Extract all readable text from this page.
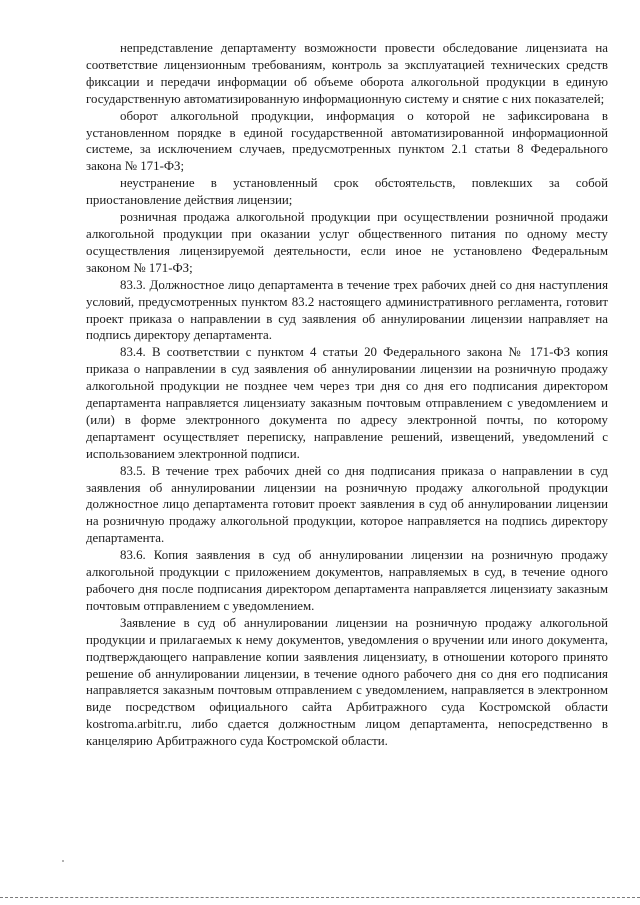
непредставление департаменту возможности провести обследование лицензиата на соответствие лицензионным требованиям, контроль за эксплуатацией технических средств фиксации и передачи информации об объеме оборота алкогольной продукции в единую государственную автоматизированную информационную систему и снятие с них показателей;

оборот алкогольной продукции, информация о которой не зафиксирована в установленном порядке в единой государственной автоматизированной информационной системе, за исключением случаев, предусмотренных пунктом 2.1 статьи 8 Федерального закона № 171-ФЗ;

неустранение в установленный срок обстоятельств, повлекших за собой приостановление действия лицензии;

розничная продажа алкогольной продукции при осуществлении розничной продажи алкогольной продукции при оказании услуг общественного питания по одному месту осуществления лицензируемой деятельности, если иное не установлено Федеральным законом № 171-ФЗ;

83.3. Должностное лицо департамента в течение трех рабочих дней со дня наступления условий, предусмотренных пунктом 83.2 настоящего административного регламента, готовит проект приказа о направлении в суд заявления об аннулировании лицензии направляет на подпись директору департамента.

83.4. В соответствии с пунктом 4 статьи 20 Федерального закона № 171-ФЗ копия приказа о направлении в суд заявления об аннулировании лицензии на розничную продажу алкогольной продукции не позднее чем через три дня со дня его подписания директором департамента направляется лицензиату заказным почтовым отправлением с уведомлением и (или) в форме электронного документа по адресу электронной почты, по которому департамент осуществляет переписку, направление решений, извещений, уведомлений с использованием электронной подписи.

83.5. В течение трех рабочих дней со дня подписания приказа о направлении в суд заявления об аннулировании лицензии на розничную продажу алкогольной продукции должностное лицо департамента готовит проект заявления в суд об аннулировании лицензии на розничную продажу алкогольной продукции, которое направляется на подпись директору департамента.

83.6. Копия заявления в суд об аннулировании лицензии на розничную продажу алкогольной продукции с приложением документов, направляемых в суд, в течение одного рабочего дня после подписания директором департамента направляется лицензиату заказным почтовым отправлением с уведомлением.

Заявление в суд об аннулировании лицензии на розничную продажу алкогольной продукции и прилагаемых к нему документов, уведомления о вручении или иного документа, подтверждающего направление копии заявления лицензиату, в отношении которого принято решение об аннулировании лицензии, в течение одного рабочего дня со дня его подписания направляется заказным почтовым отправлением с уведомлением, направляется в электронном виде посредством официального сайта Арбитражного суда Костромской области kostroma.arbitr.ru, либо сдается должностным лицом департамента, непосредственно в канцелярию Арбитражного суда Костромской области.
